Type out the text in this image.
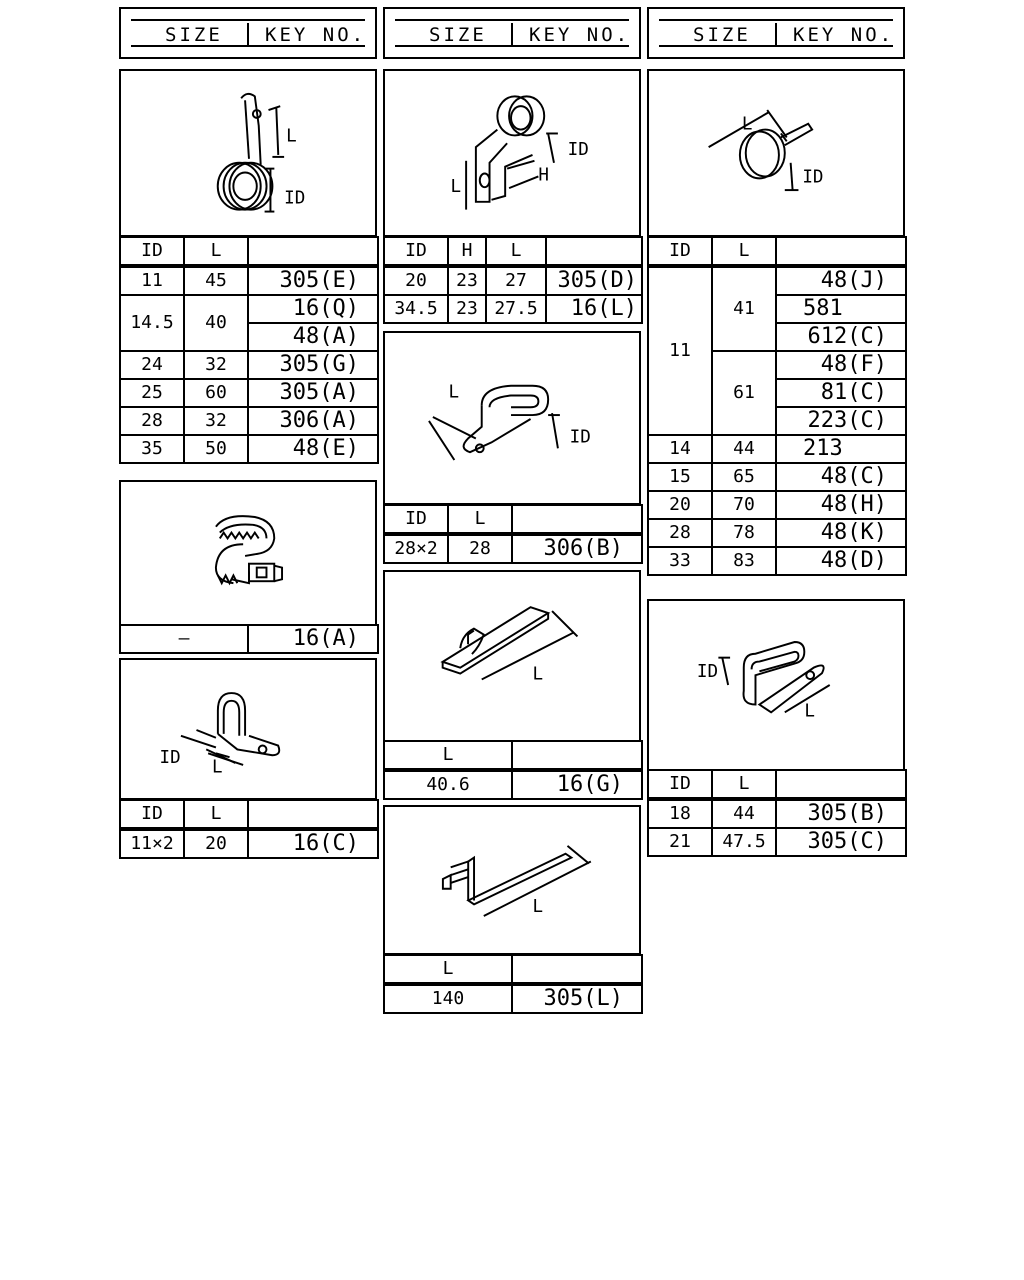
SIZE KEY NO.	SIZE KEY NO.	SIZE KEY NO.
L
ID
ID	L	
11	45	305(E)
14.5	40	16(Q)
		48(A)
24	32	305(G)
25	60	305(A)
28	32	306(A)
35	50	48(E)
—	16(A)
ID L
ID	L	
11×2	20	16(C)
L
H
ID
ID	H	L	
20	23	27	305(D)
34.5	23	27.5	16(L)
L
ID
ID	L	
28×2	28	306(B)
L
L	
40.6	16(G)
L
L	
140	305(L)
L
ID
ID	L	
11	41	48(J)
		581
		612(C)
	61	48(F)
		81(C)
		223(C)
14	44	213
15	65	48(C)
20	70	48(H)
28	78	48(K)
33	83	48(D)
ID
L
ID	L	
18	44	305(B)
21	47.5	305(C)
